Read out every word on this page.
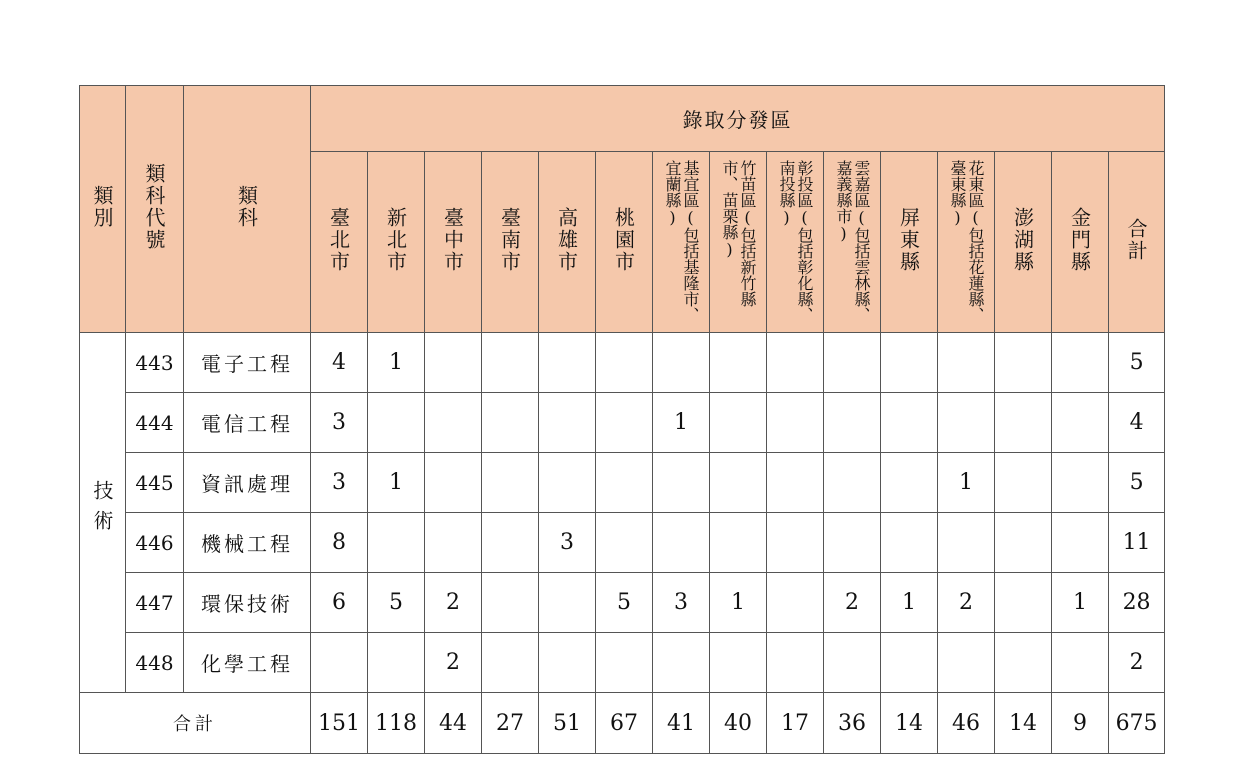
類別	類科代號	類科	錄取分發區														
			臺北市	新北市	臺中市	臺南市	高雄市	桃園市	基宜區(包括基隆市、宜蘭縣)	竹苗區(包括新竹縣市、苗栗縣)	彰投區(包括彰化縣、南投縣)	雲嘉區(包括雲林縣、嘉義縣市)	屏東縣	花東區(包括花蓮縣、臺東縣)	澎湖縣	金門縣	合計
技術	443	電子工程	4	1													5
	444	電信工程	3						1								4
	445	資訊處理	3	1										1			5
	446	機械工程	8				3										11
	447	環保技術	6	5	2			5	3	1		2	1	2		1	28
	448	化學工程			2												2
合計			151	118	44	27	51	67	41	40	17	36	14	46	14	9	675
